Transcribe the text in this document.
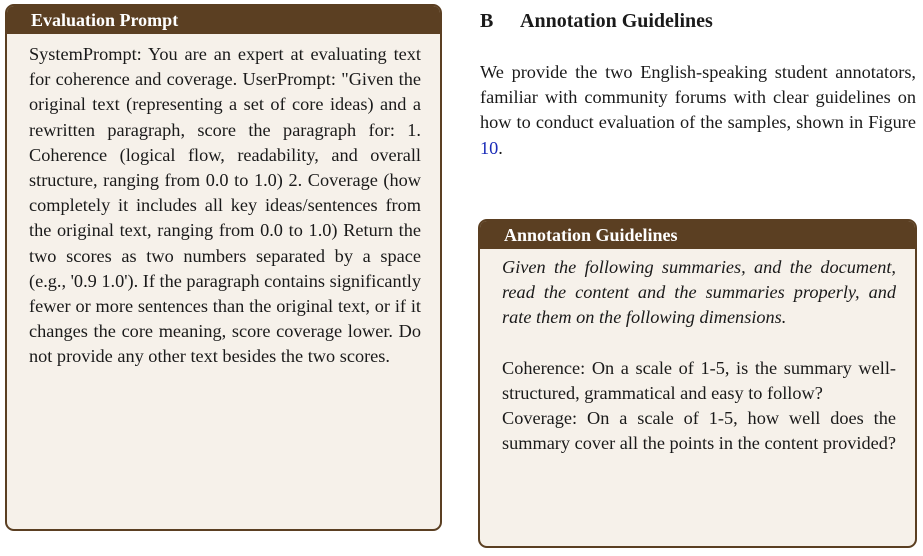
Evaluation Prompt

SystemPrompt: You are an expert at evaluating text for coherence and coverage. UserPrompt: "Given the original text (representing a set of core ideas) and a rewritten paragraph, score the paragraph for: 1. Coherence (logical flow, readability, and overall structure, ranging from 0.0 to 1.0) 2. Coverage (how completely it includes all key ideas/sentences from the original text, ranging from 0.0 to 1.0) Return the two scores as two numbers separated by a space (e.g., '0.9 1.0'). If the paragraph contains significantly fewer or more sentences than the original text, or if it changes the core meaning, score coverage lower. Do not provide any other text besides the two scores.

B Annotation Guidelines

We provide the two English-speaking student annotators, familiar with community forums with clear guidelines on how to conduct evaluation of the samples, shown in Figure 10.

Annotation Guidelines

Given the following summaries, and the document, read the content and the summaries properly, and rate them on the following dimensions.

Coherence: On a scale of 1-5, is the summary well-structured, grammatical and easy to follow?

Coverage: On a scale of 1-5, how well does the summary cover all the points in the content provided?
